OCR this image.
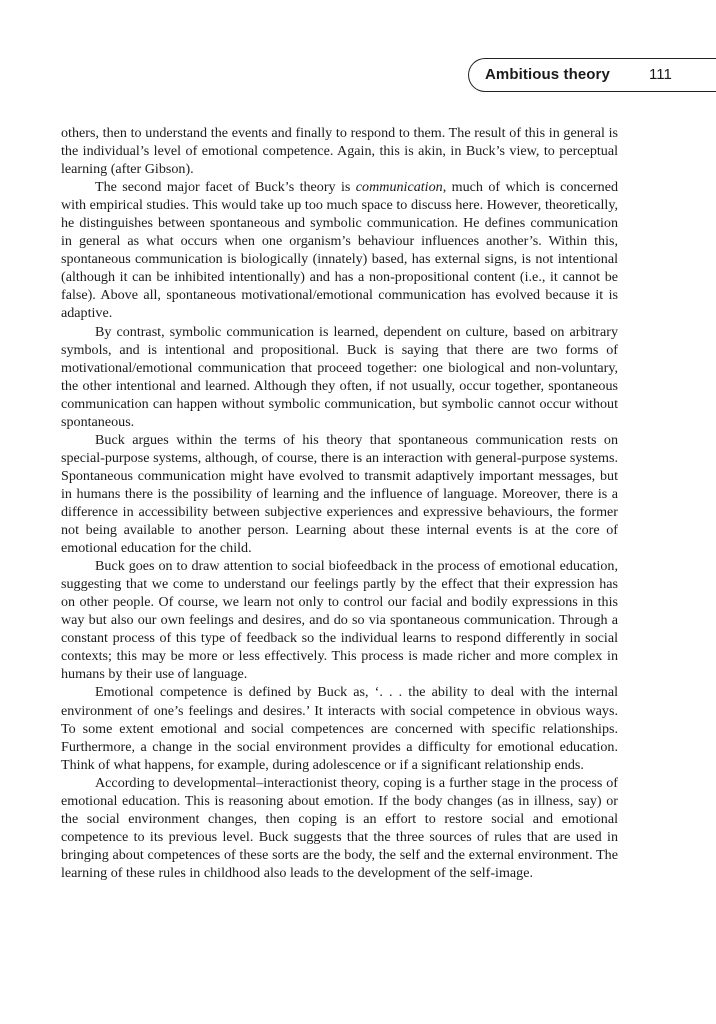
Ambitious theory	111

others, then to understand the events and finally to respond to them. The result of this in general is the individual’s level of emotional competence. Again, this is akin, in Buck’s view, to perceptual learning (after Gibson).

The second major facet of Buck’s theory is communication, much of which is concerned with empirical studies. This would take up too much space to discuss here. However, theoretically, he distinguishes between spontaneous and symbolic communication. He defines communication in general as what occurs when one organism’s behaviour influences another’s. Within this, spontaneous communication is biologically (innately) based, has external signs, is not intentional (although it can be inhibited intentionally) and has a non-propositional content (i.e., it cannot be false). Above all, spontaneous motivational/emotional communication has evolved because it is adaptive.

By contrast, symbolic communication is learned, dependent on culture, based on arbitrary symbols, and is intentional and propositional. Buck is saying that there are two forms of motivational/emotional communication that proceed together: one biological and non-voluntary, the other intentional and learned. Although they often, if not usually, occur together, spontaneous communication can happen without symbolic communication, but symbolic cannot occur without spontaneous.

Buck argues within the terms of his theory that spontaneous communication rests on special-purpose systems, although, of course, there is an interaction with general-purpose systems. Spontaneous communication might have evolved to transmit adaptively important messages, but in humans there is the possibility of learning and the influence of language. Moreover, there is a difference in accessibility between subjective experiences and expressive behaviours, the former not being available to another person. Learning about these internal events is at the core of emotional education for the child.

Buck goes on to draw attention to social biofeedback in the process of emotional education, suggesting that we come to understand our feelings partly by the effect that their expression has on other people. Of course, we learn not only to control our facial and bodily expressions in this way but also our own feelings and desires, and do so via spontaneous communication. Through a constant process of this type of feedback so the individual learns to respond differently in social contexts; this may be more or less effectively. This process is made richer and more complex in humans by their use of language.

Emotional competence is defined by Buck as, ‘. . . the ability to deal with the internal environment of one’s feelings and desires.’ It interacts with social competence in obvious ways. To some extent emotional and social competences are concerned with specific relationships. Furthermore, a change in the social environment provides a difficulty for emotional education. Think of what happens, for example, during adolescence or if a significant relationship ends.

According to developmental–interactionist theory, coping is a further stage in the process of emotional education. This is reasoning about emotion. If the body changes (as in illness, say) or the social environment changes, then coping is an effort to restore social and emotional competence to its previous level. Buck suggests that the three sources of rules that are used in bringing about competences of these sorts are the body, the self and the external environment. The learning of these rules in childhood also leads to the development of the self-image.
